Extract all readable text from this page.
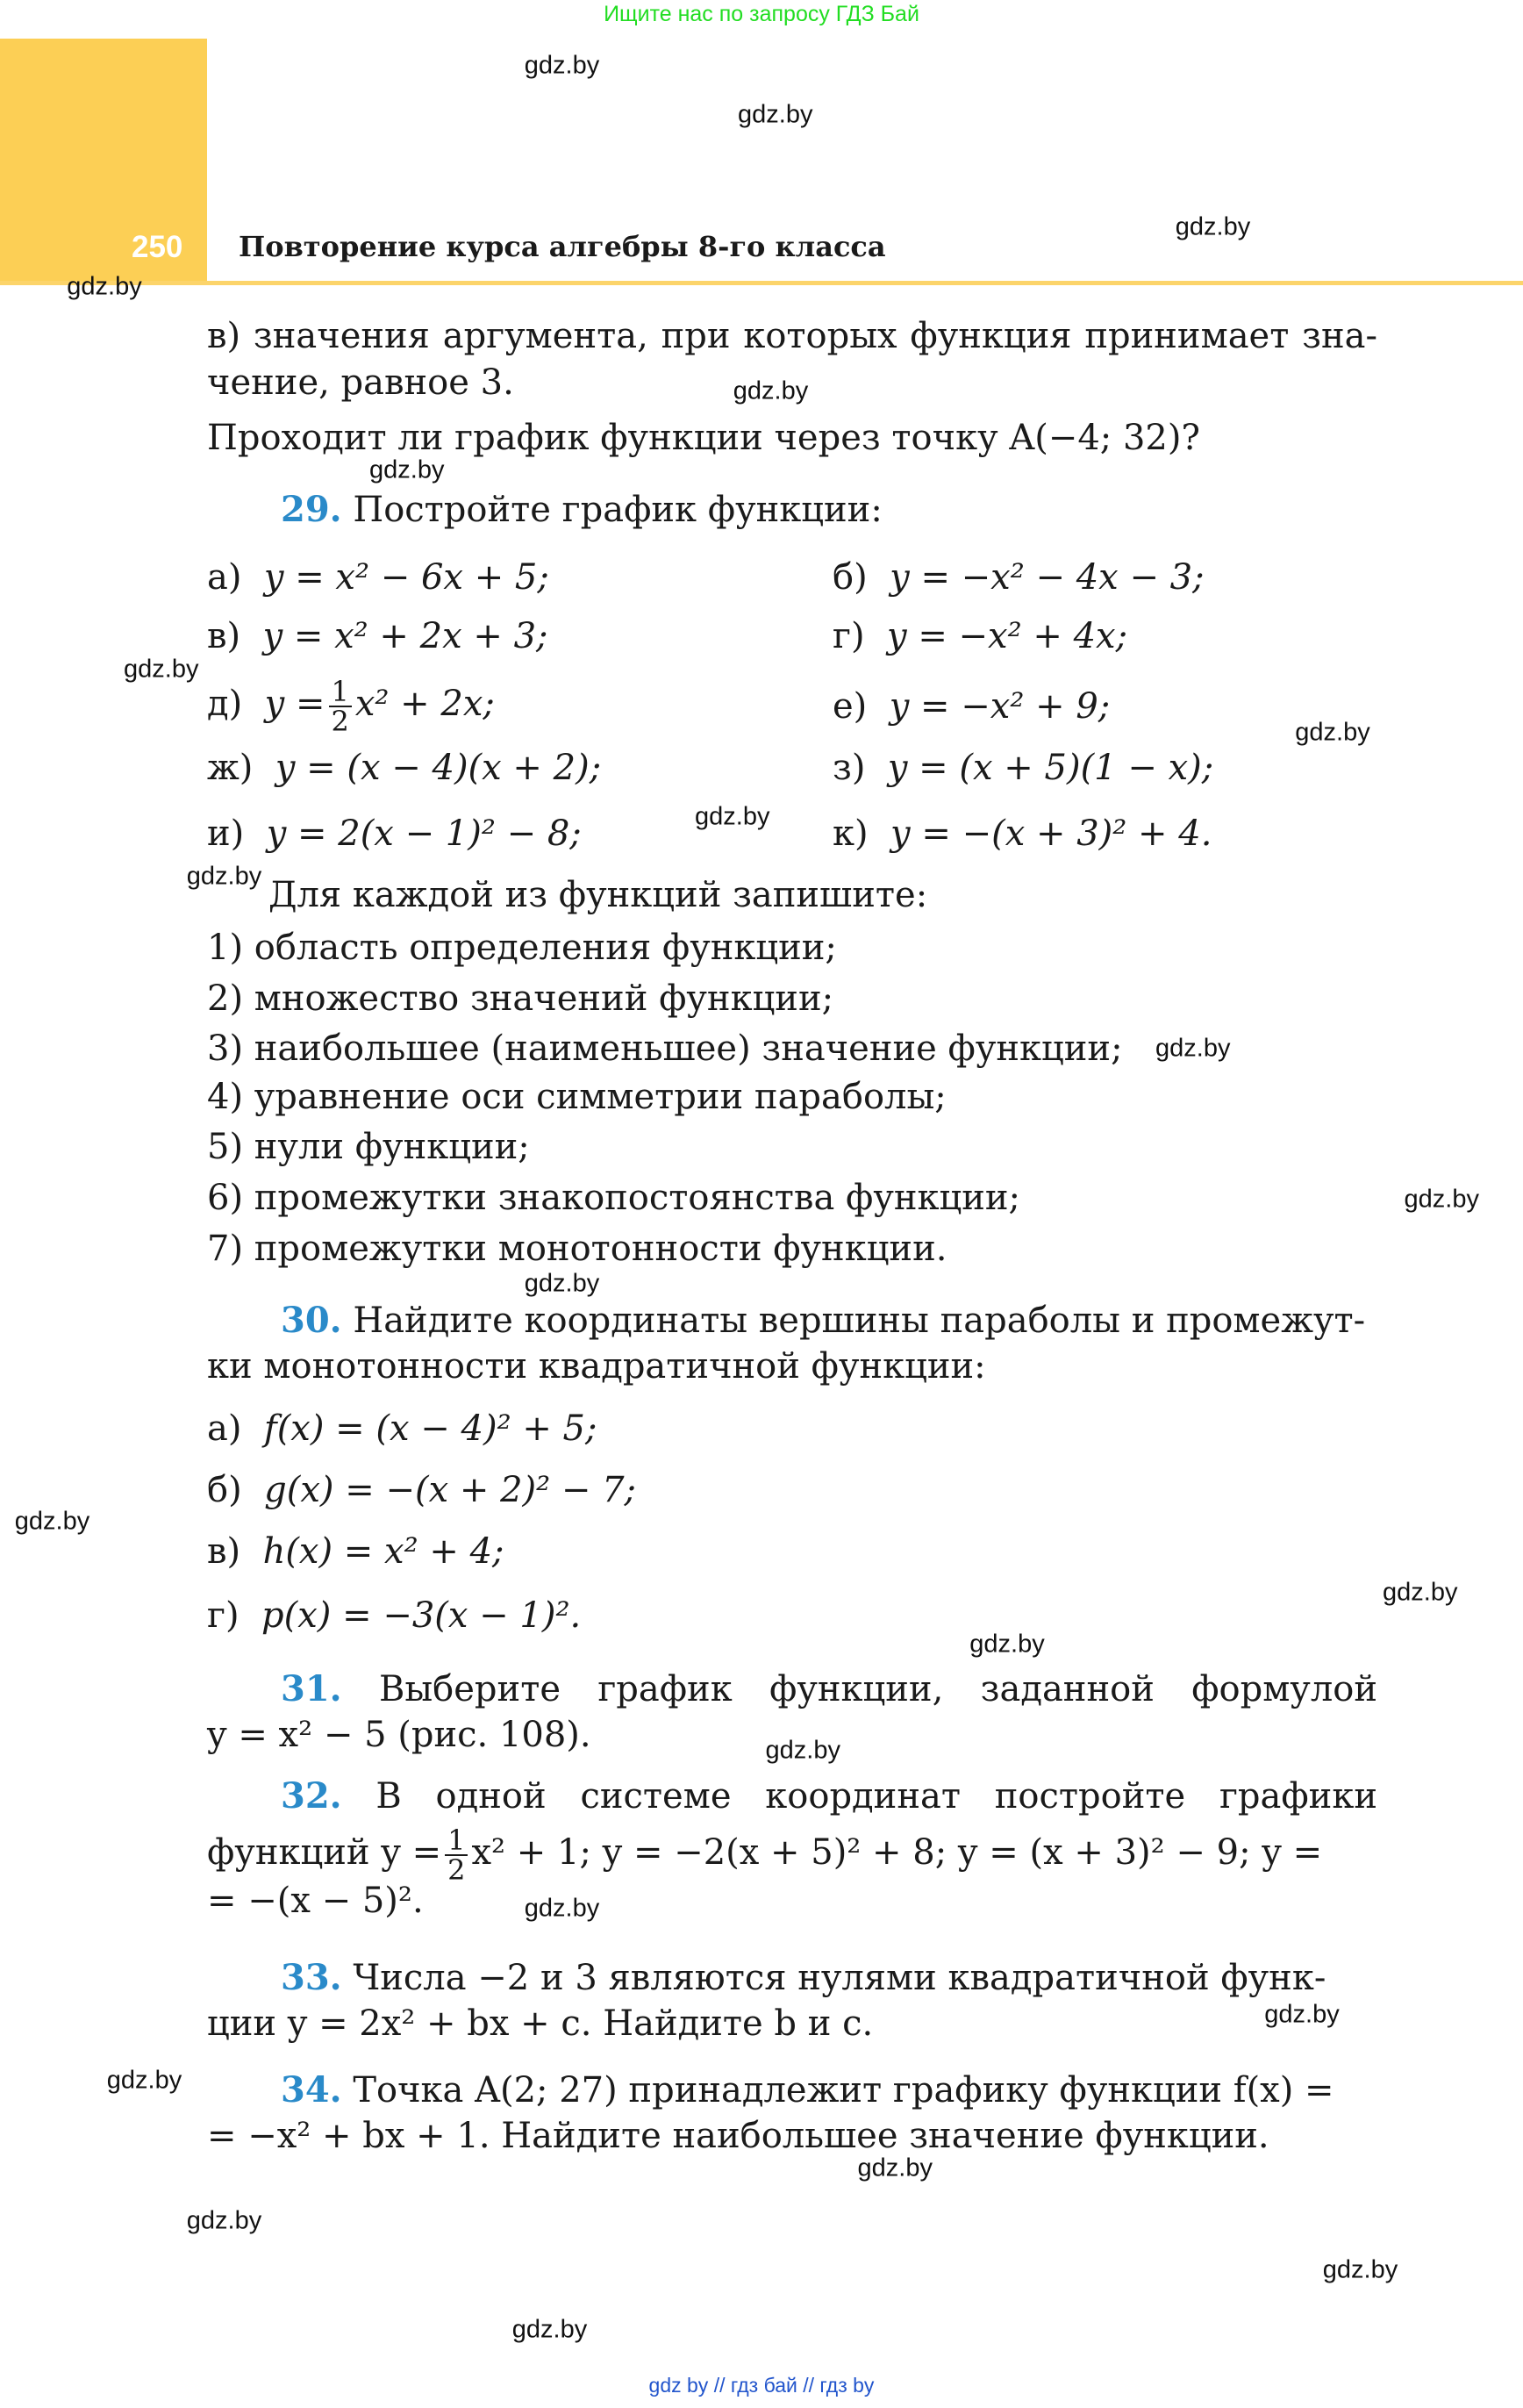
Ищите нас по запросу ГДЗ Бай
250 Повторение курса алгебры 8-го класса
gdz.by
gdz.by
gdz.by
gdz.by
gdz.by
gdz.by
gdz.by
gdz.by
gdz.by
gdz.by
gdz.by
gdz.by
gdz.by
gdz.by
gdz.by
gdz.by
gdz.by
gdz.by
gdz.by
gdz.by
gdz.by
gdz.by
gdz.by
gdz.by
в) значения аргумента, при которых функция принимает зна-
чение, равное 3.
Проходит ли график функции через точку A(−4; 32)?
29. Постройте график функции:
а) y = x² − 6x + 5;	б) y = −x² − 4x − 3;
в) y = x² + 2x + 3;	г) y = −x² + 4x;
д) $y = \frac{1}{2} x^2 + 2x$;	е) y = −x² + 9;
ж) y = (x − 4)(x + 2);	з) y = (x + 5)(1 − x);
и) y = 2(x − 1)² − 8;	к) y = −(x + 3)² + 4.
Для каждой из функций запишите:
1) область определения функции;
2) множество значений функции;
3) наибольшее (наименьшее) значение функции;
4) уравнение оси симметрии параболы;
5) нули функции;
6) промежутки знакопостоянства функции;
7) промежутки монотонности функции.
30. Найдите координаты вершины параболы и промежут-
ки монотонности квадратичной функции:
а) f(x) = (x − 4)² + 5;
б) g(x) = −(x + 2)² − 7;
в) h(x) = x² + 4;
г) p(x) = −3(x − 1)².
31. Выберите график функции, заданной формулой
y = x² − 5 (рис. 108).
32. В одной системе координат постройте графики
функций $y = \frac{1}{2} x^2 + 1$; y = −2(x + 5)² + 8; y = (x + 3)² − 9; y =
= −(x − 5)².
33. Числа −2 и 3 являются нулями квадратичной функ-
ции y = 2x² + bx + c. Найдите b и c.
34. Точка A(2; 27) принадлежит графику функции f(x) =
= −x² + bx + 1. Найдите наибольшее значение функции.
gdz by // гдз бай // гдз by
